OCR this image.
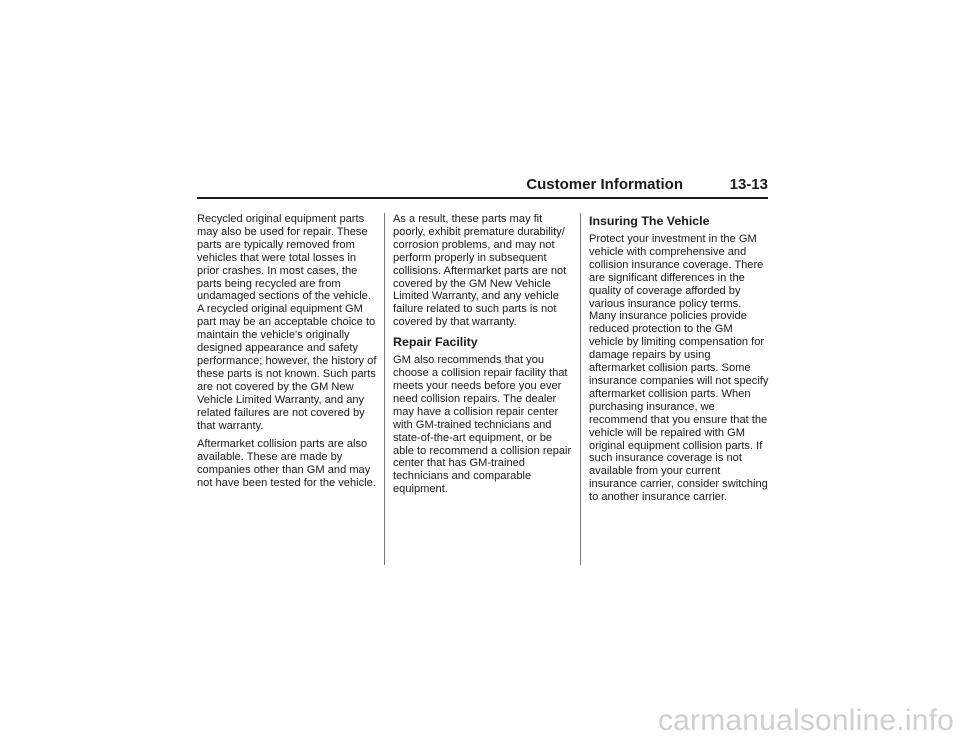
Customer Information	13-13

Recycled original equipment parts may also be used for repair. These parts are typically removed from vehicles that were total losses in prior crashes. In most cases, the parts being recycled are from undamaged sections of the vehicle. A recycled original equipment GM part may be an acceptable choice to maintain the vehicle's originally designed appearance and safety performance; however, the history of these parts is not known. Such parts are not covered by the GM New Vehicle Limited Warranty, and any related failures are not covered by that warranty.

Aftermarket collision parts are also available. These are made by companies other than GM and may not have been tested for the vehicle.

As a result, these parts may fit poorly, exhibit premature durability/ corrosion problems, and may not perform properly in subsequent collisions. Aftermarket parts are not covered by the GM New Vehicle Limited Warranty, and any vehicle failure related to such parts is not covered by that warranty.

Repair Facility

GM also recommends that you choose a collision repair facility that meets your needs before you ever need collision repairs. The dealer may have a collision repair center with GM-trained technicians and state-of-the-art equipment, or be able to recommend a collision repair center that has GM-trained technicians and comparable equipment.

Insuring The Vehicle

Protect your investment in the GM vehicle with comprehensive and collision insurance coverage. There are significant differences in the quality of coverage afforded by various insurance policy terms. Many insurance policies provide reduced protection to the GM vehicle by limiting compensation for damage repairs by using aftermarket collision parts. Some insurance companies will not specify aftermarket collision parts. When purchasing insurance, we recommend that you ensure that the vehicle will be repaired with GM original equipment collision parts. If such insurance coverage is not available from your current insurance carrier, consider switching to another insurance carrier.

carmanualsonline.info
